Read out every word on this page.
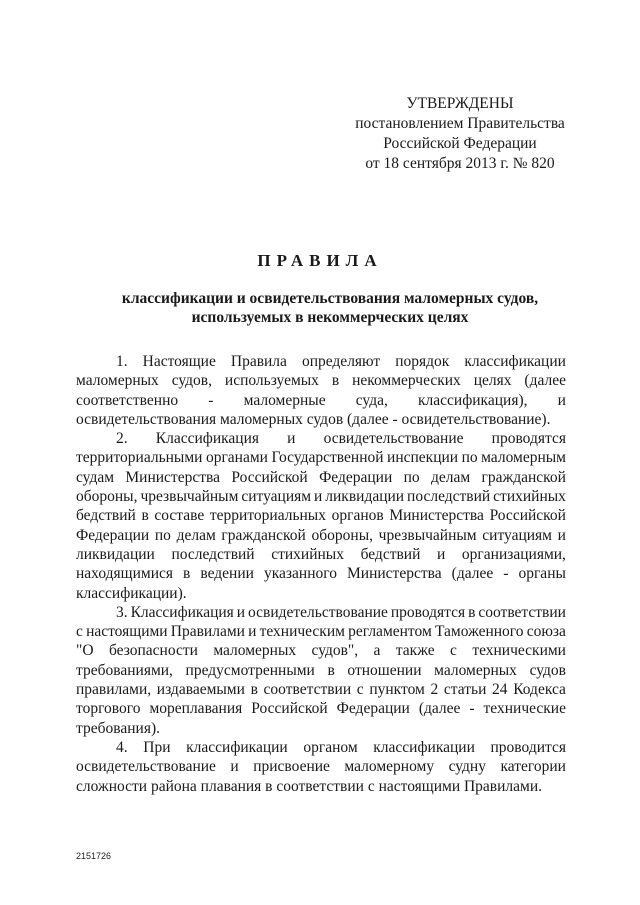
УТВЕРЖДЕНЫ
постановлением Правительства
Российской Федерации
от 18 сентября 2013 г. № 820
ПРАВИЛА
классификации и освидетельствования маломерных судов,
используемых в некоммерческих целях
1. Настоящие Правила определяют порядок классификации
маломерных судов, используемых в некоммерческих целях (далее
соответственно - маломерные суда, классификация), и
освидетельствования маломерных судов (далее - освидетельствование).
2. Классификация и освидетельствование проводятся
территориальными органами Государственной инспекции по маломерным
судам Министерства Российской Федерации по делам гражданской
обороны, чрезвычайным ситуациям и ликвидации последствий стихийных
бедствий в составе территориальных органов Министерства Российской
Федерации по делам гражданской обороны, чрезвычайным ситуациям и
ликвидации последствий стихийных бедствий и организациями,
находящимися в ведении указанного Министерства (далее - органы
классификации).
3. Классификация и освидетельствование проводятся в соответствии
с настоящими Правилами и техническим регламентом Таможенного союза
"О безопасности маломерных судов", а также с техническими
требованиями, предусмотренными в отношении маломерных судов
правилами, издаваемыми в соответствии с пунктом 2 статьи 24 Кодекса
торгового мореплавания Российской Федерации (далее - технические
требования).
4. При классификации органом классификации проводится
освидетельствование и присвоение маломерному судну категории
сложности района плавания в соответствии с настоящими Правилами.
2151726
